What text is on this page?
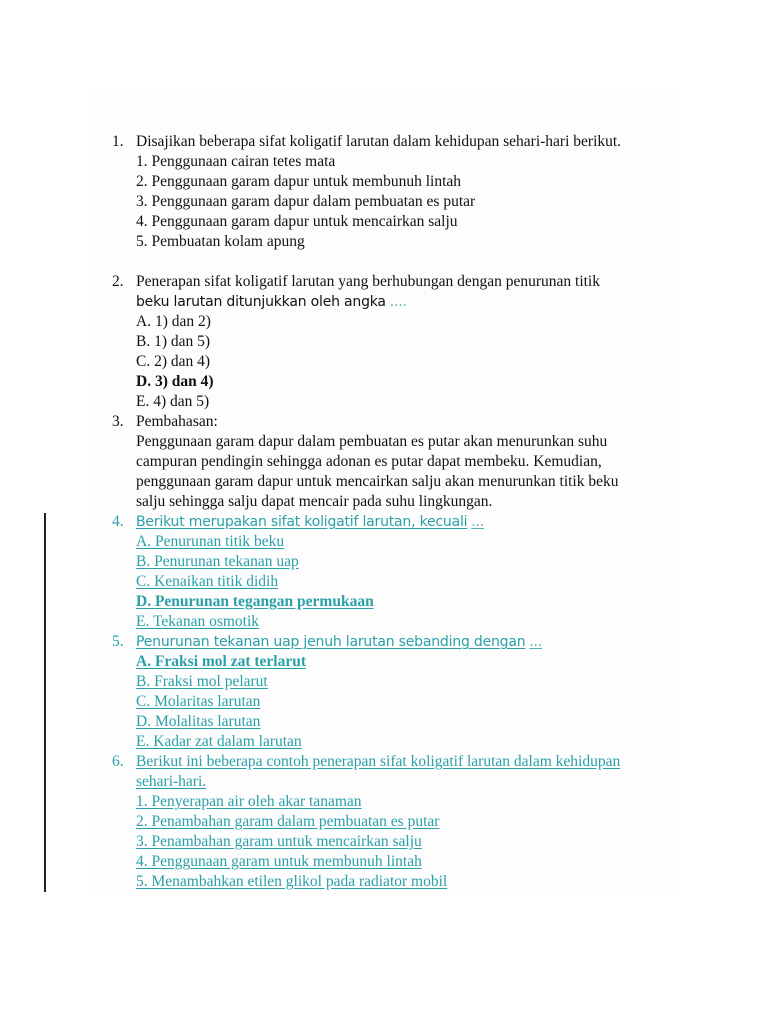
1. Disajikan beberapa sifat koligatif larutan dalam kehidupan sehari-hari berikut.
1. Penggunaan cairan tetes mata
2. Penggunaan garam dapur untuk membunuh lintah
3. Penggunaan garam dapur dalam pembuatan es putar
4. Penggunaan garam dapur untuk mencairkan salju
5. Pembuatan kolam apung
2. Penerapan sifat koligatif larutan yang berhubungan dengan penurunan titik
beku larutan ditunjukkan oleh angka ....
A. 1) dan 2)
B. 1) dan 5)
C. 2) dan 4)
D. 3) dan 4)
E. 4) dan 5)
3. Pembahasan:
Penggunaan garam dapur dalam pembuatan es putar akan menurunkan suhu
campuran pendingin sehingga adonan es putar dapat membeku. Kemudian,
penggunaan garam dapur untuk mencairkan salju akan menurunkan titik beku
salju sehingga salju dapat mencair pada suhu lingkungan.
4. Berikut merupakan sifat koligatif larutan, kecuali ...
A. Penurunan titik beku
B. Penurunan tekanan uap
C. Kenaikan titik didih
D. Penurunan tegangan permukaan
E. Tekanan osmotik
5. Penurunan tekanan uap jenuh larutan sebanding dengan ...
A. Fraksi mol zat terlarut
B. Fraksi mol pelarut
C. Molaritas larutan
D. Molalitas larutan
E. Kadar zat dalam larutan
6. Berikut ini beberapa contoh penerapan sifat koligatif larutan dalam kehidupan
sehari-hari.
1. Penyerapan air oleh akar tanaman
2. Penambahan garam dalam pembuatan es putar
3. Penambahan garam untuk mencairkan salju
4. Penggunaan garam untuk membunuh lintah
5. Menambahkan etilen glikol pada radiator mobil
